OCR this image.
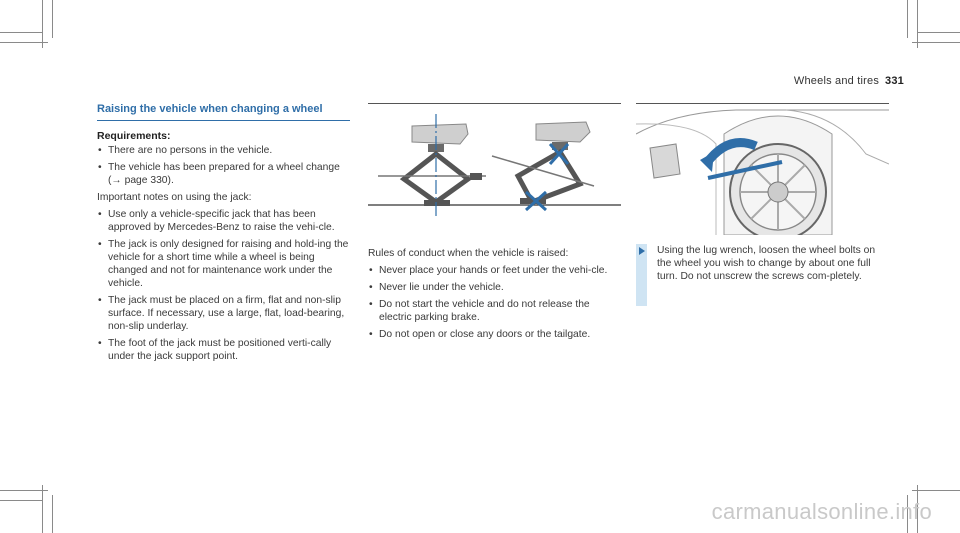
Wheels and tires 331
Raising the vehicle when changing a wheel
Requirements:
• There are no persons in the vehicle.
• The vehicle has been prepared for a wheel change (→ page 330).

Important notes on using the jack:

• Use only a vehicle-specific jack that has been approved by Mercedes-Benz to raise the vehi-cle.
• The jack is only designed for raising and hold-ing the vehicle for a short time while a wheel is being changed and not for maintenance work under the vehicle.
• The jack must be placed on a firm, flat and non-slip surface. If necessary, use a large, flat, load-bearing, non-slip underlay.
• The foot of the jack must be positioned verti-cally under the jack support point.

Rules of conduct when the vehicle is raised:

• Never place your hands or feet under the vehi-cle.
• Never lie under the vehicle.
• Do not start the vehicle and do not release the electric parking brake.
• Do not open or close any doors or the tailgate.
Using the lug wrench, loosen the wheel bolts on the wheel you wish to change by about one full turn. Do not unscrew the screws com-pletely.
carmanualsonline.info
